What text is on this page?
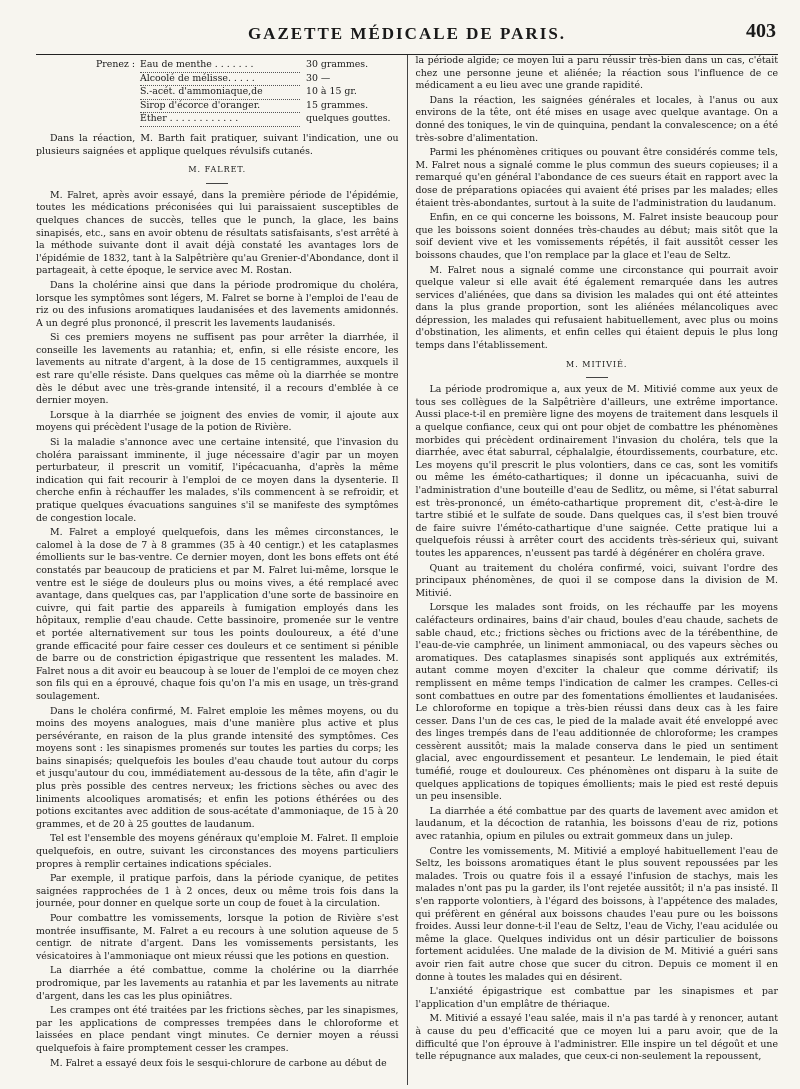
GAZETTE MÉDICALE DE PARIS.	403
Prenez : Eau de menthe . . . . . . .	30 grammes.
Alcoolé de mélisse. . . . .	30 —
S.-acét. d'ammoniaque,de	10 à 15 gr.
Sirop d'écorce d'oranger.	15 grammes.
Éther . . . . . . . . . . . .	quelques gouttes.

Dans la réaction, M. Barth fait pratiquer, suivant l'indication, une ou plusieurs saignées et applique quelques révulsifs cutanés.

M. FALRET.

M. Falret, après avoir essayé, dans la première période de l'épidémie, toutes les médications préconisées qui lui paraissaient susceptibles de quelques chances de succès, telles que le punch, la glace, les bains sinapisés, etc., sans en avoir obtenu de résultats satisfaisants, s'est arrêté à la méthode suivante dont il avait déjà constaté les avantages lors de l'épidémie de 1832, tant à la Salpêtrière qu'au Grenier-d'Abondance, dont il partageait, à cette époque, le service avec M. Rostan.

Dans la cholérine ainsi que dans la période prodromique du choléra, lorsque les symptômes sont légers, M. Falret se borne à l'emploi de l'eau de riz ou des infusions aromatiques laudanisées et des lavements amidonnés. A un degré plus prononcé, il prescrit les lavements laudanisés.

Si ces premiers moyens ne suffisent pas pour arrêter la diarrhée, il conseille les lavements au ratanhia; et, enfin, si elle résiste encore, les lavements au nitrate d'argent, à la dose de 15 centigrammes, auxquels il est rare qu'elle résiste. Dans quelques cas même où la diarrhée se montre dès le début avec une très-grande intensité, il a recours d'emblée à ce dernier moyen.

Lorsque à la diarrhée se joignent des envies de vomir, il ajoute aux moyens qui précèdent l'usage de la potion de Rivière.

Si la maladie s'annonce avec une certaine intensité, que l'invasion du choléra paraissant imminente, il juge nécessaire d'agir par un moyen perturbateur, il prescrit un vomitif, l'ipécacuanha, d'après la même indication qui fait recourir à l'emploi de ce moyen dans la dysenterie. Il cherche enfin à réchauffer les malades, s'ils commencent à se refroidir, et pratique quelques évacuations sanguines s'il se manifeste des symptômes de congestion locale.

M. Falret a employé quelquefois, dans les mêmes circonstances, le calomel à la dose de 7 à 8 grammes (35 à 40 centigr.) et les cataplasmes émollients sur le bas-ventre. Ce dernier moyen, dont les bons effets ont été constatés par beaucoup de praticiens et par M. Falret lui-même, lorsque le ventre est le siége de douleurs plus ou moins vives, a été remplacé avec avantage, dans quelques cas, par l'application d'une sorte de bassinoire en cuivre, qui fait partie des appareils à fumigation employés dans les hôpitaux, remplie d'eau chaude. Cette bassinoire, promenée sur le ventre et portée alternativement sur tous les points douloureux, a été d'une grande efficacité pour faire cesser ces douleurs et ce sentiment si pénible de barre ou de constriction épigastrique que ressentent les malades. M. Falret nous a dit avoir eu beaucoup à se louer de l'emploi de ce moyen chez son fils qui en a éprouvé, chaque fois qu'on l'a mis en usage, un très-grand soulagement.

Dans le choléra confirmé, M. Falret emploie les mêmes moyens, ou du moins des moyens analogues, mais d'une manière plus active et plus persévérante, en raison de la plus grande intensité des symptômes. Ces moyens sont : les sinapismes promenés sur toutes les parties du corps; les bains sinapisés; quelquefois les boules d'eau chaude tout autour du corps et jusqu'autour du cou, immédiatement au-dessous de la tête, afin d'agir le plus près possible des centres nerveux; les frictions sèches ou avec des liniments alcooliques aromatisés; et enfin les potions éthérées ou des potions excitantes avec addition de sous-acétate d'ammoniaque, de 15 à 20 grammes, et de 20 à 25 gouttes de laudanum.

Tel est l'ensemble des moyens généraux qu'emploie M. Falret. Il emploie quelquefois, en outre, suivant les circonstances des moyens particuliers propres à remplir certaines indications spéciales.

Par exemple, il pratique parfois, dans la période cyanique, de petites saignées rapprochées de 1 à 2 onces, deux ou même trois fois dans la journée, pour donner en quelque sorte un coup de fouet à la circulation.

Pour combattre les vomissements, lorsque la potion de Rivière s'est montrée insuffisante, M. Falret a eu recours à une solution aqueuse de 5 centigr. de nitrate d'argent. Dans les vomissements persistants, les vésicatoires à l'ammoniaque ont mieux réussi que les potions en question.

La diarrhée a été combattue, comme la cholérine ou la diarrhée prodromique, par les lavements au ratanhia et par les lavements au nitrate d'argent, dans les cas les plus opiniâtres.

Les crampes ont été traitées par les frictions sèches, par les sinapismes, par les applications de compresses trempées dans le chloroforme et laissées en place pendant vingt minutes. Ce dernier moyen a réussi quelquefois à faire promptement cesser les crampes.

M. Falret a essayé deux fois le sesqui-chlorure de carbone au début de

la période algide; ce moyen lui a paru réussir très-bien dans un cas, c'était chez une personne jeune et aliénée; la réaction sous l'influence de ce médicament a eu lieu avec une grande rapidité.

Dans la réaction, les saignées générales et locales, à l'anus ou aux environs de la tête, ont été mises en usage avec quelque avantage. On a donné des toniques, le vin de quinquina, pendant la convalescence; on a été très-sobre d'alimentation.

Parmi les phénomènes critiques ou pouvant être considérés comme tels, M. Falret nous a signalé comme le plus commun des sueurs copieuses; il a remarqué qu'en général l'abondance de ces sueurs était en rapport avec la dose de préparations opiacées qui avaient été prises par les malades; elles étaient très-abondantes, surtout à la suite de l'administration du laudanum.

Enfin, en ce qui concerne les boissons, M. Falret insiste beaucoup pour que les boissons soient données très-chaudes au début; mais sitôt que la soif devient vive et les vomissements répétés, il fait aussitôt cesser les boissons chaudes, que l'on remplace par la glace et l'eau de Seltz.

M. Falret nous a signalé comme une circonstance qui pourrait avoir quelque valeur si elle avait été également remarquée dans les autres services d'aliénées, que dans sa division les malades qui ont été atteintes dans la plus grande proportion, sont les aliénées mélancoliques avec dépression, les malades qui refusaient habituellement, avec plus ou moins d'obstination, les aliments, et enfin celles qui étaient depuis le plus long temps dans l'établissement.

M. MITIVIÉ.

La période prodromique a, aux yeux de M. Mitivié comme aux yeux de tous ses collègues de la Salpêtrière d'ailleurs, une extrême importance. Aussi place-t-il en première ligne des moyens de traitement dans lesquels il a quelque confiance, ceux qui ont pour objet de combattre les phénomènes morbides qui précèdent ordinairement l'invasion du choléra, tels que la diarrhée, avec état saburral, céphalalgie, étourdissements, courbature, etc. Les moyens qu'il prescrit le plus volontiers, dans ce cas, sont les vomitifs ou même les éméto-cathartiques; il donne un ipécacuanha, suivi de l'administration d'une bouteille d'eau de Sedlitz, ou même, si l'état saburral est très-prononcé, un éméto-cathartique proprement dit, c'est-à-dire le tartre stibié et le sulfate de soude. Dans quelques cas, il s'est bien trouvé de faire suivre l'éméto-cathartique d'une saignée. Cette pratique lui a quelquefois réussi à arrêter court des accidents très-sérieux qui, suivant toutes les apparences, n'eussent pas tardé à dégénérer en choléra grave.

Quant au traitement du choléra confirmé, voici, suivant l'ordre des principaux phénomènes, de quoi il se compose dans la division de M. Mitivié.

Lorsque les malades sont froids, on les réchauffe par les moyens caléfacteurs ordinaires, bains d'air chaud, boules d'eau chaude, sachets de sable chaud, etc.; frictions sèches ou frictions avec de la térébenthine, de l'eau-de-vie camphrée, un liniment ammoniacal, ou des vapeurs sèches ou aromatiques. Des cataplasmes sinapisés sont appliqués aux extrémités, autant comme moyen d'exciter la chaleur que comme dérivatif; ils remplissent en même temps l'indication de calmer les crampes. Celles-ci sont combattues en outre par des fomentations émollientes et laudanisées. Le chloroforme en topique a très-bien réussi dans deux cas à les faire cesser. Dans l'un de ces cas, le pied de la malade avait été enveloppé avec des linges trempés dans de l'eau additionnée de chloroforme; les crampes cessèrent aussitôt; mais la malade conserva dans le pied un sentiment glacial, avec engourdissement et pesanteur. Le lendemain, le pied était tuméfié, rouge et douloureux. Ces phénomènes ont disparu à la suite de quelques applications de topiques émollients; mais le pied est resté depuis un peu insensible.

La diarrhée a été combattue par des quarts de lavement avec amidon et laudanum, et la décoction de ratanhia, les boissons d'eau de riz, potions avec ratanhia, opium en pilules ou extrait gommeux dans un julep.

Contre les vomissements, M. Mitivié a employé habituellement l'eau de Seltz, les boissons aromatiques étant le plus souvent repoussées par les malades. Trois ou quatre fois il a essayé l'infusion de stachys, mais les malades n'ont pas pu la garder, ils l'ont rejetée aussitôt; il n'a pas insisté. Il s'en rapporte volontiers, à l'égard des boissons, à l'appétence des malades, qui préfèrent en général aux boissons chaudes l'eau pure ou les boissons froides. Aussi leur donne-t-il l'eau de Seltz, l'eau de Vichy, l'eau acidulée ou même la glace. Quelques individus ont un désir particulier de boissons fortement acidulées. Une malade de la division de M. Mitivié a guéri sans avoir rien fait autre chose que sucer du citron. Depuis ce moment il en donne à toutes les malades qui en désirent.

L'anxiété épigastrique est combattue par les sinapismes et par l'application d'un emplâtre de thériaque.

M. Mitivié a essayé l'eau salée, mais il n'a pas tardé à y renoncer, autant à cause du peu d'efficacité que ce moyen lui a paru avoir, que de la difficulté que l'on éprouve à l'administrer. Elle inspire un tel dégoût et une telle répugnance aux malades, que ceux-ci non-seulement la repoussent,
